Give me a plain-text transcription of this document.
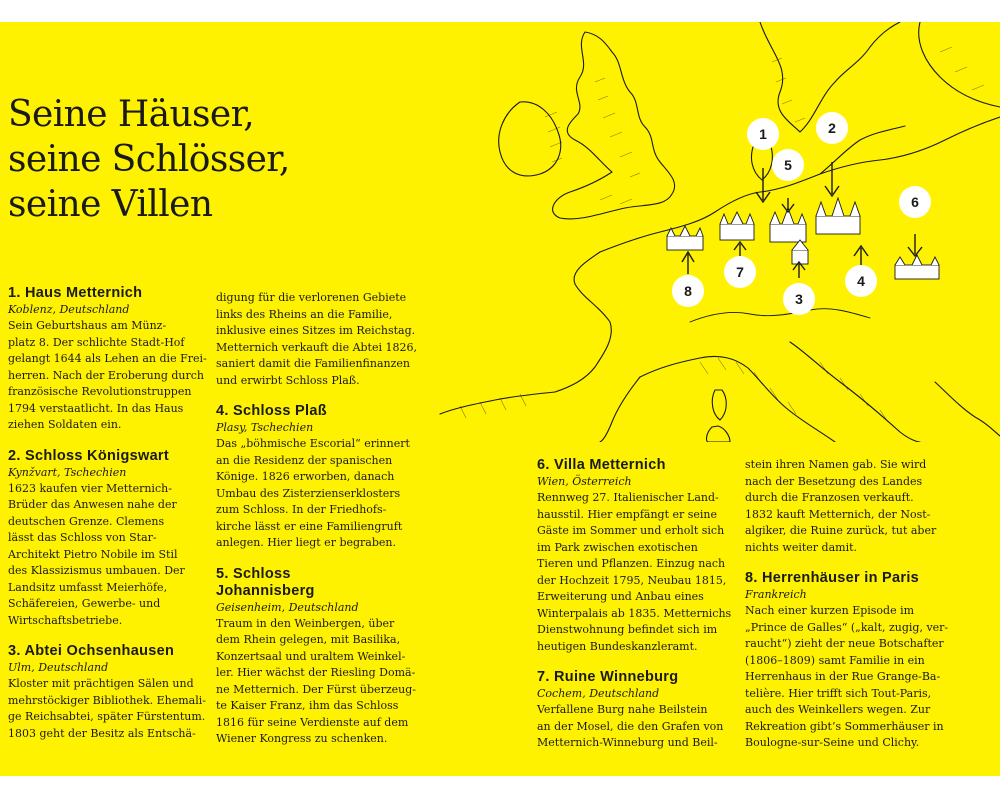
Seine Häuser,
seine Schlösser,
seine Villen
1	2
5
6
7
4
3
8
1. Haus Metternich
Koblenz, Deutschland

Sein Geburtshaus am Münz-

platz 8. Der schlichte Stadt-Hof

gelangt 1644 als Lehen an die Frei-

herren. Nach der Eroberung durch

französische Revolutionstruppen

1794 verstaatlicht. In das Haus

ziehen Soldaten ein.

2. Schloss Königswart
Kynžvart, Tschechien

1623 kaufen vier Metternich-

Brüder das Anwesen nahe der

deutschen Grenze. Clemens

lässt das Schloss von Star-

Architekt Pietro Nobile im Stil

des Klassizismus umbauen. Der

Landsitz umfasst Meierhöfe,

Schäfereien, Gewerbe- und

Wirtschaftsbetriebe.

3. Abtei Ochsenhausen
Ulm, Deutschland

Kloster mit prächtigen Sälen und

mehrstöckiger Bibliothek. Ehemali-

ge Reichsabtei, später Fürstentum.

1803 geht der Besitz als Entschä-

digung für die verlorenen Gebiete

links des Rheins an die Familie,

inklusive eines Sitzes im Reichstag.

Metternich verkauft die Abtei 1826,

saniert damit die Familienfinanzen

und erwirbt Schloss Plaß.

4. Schloss Plaß
Plasy, Tschechien

Das „böhmische Escorial“ erinnert

an die Residenz der spanischen

Könige. 1826 erworben, danach

Umbau des Zisterzienserklosters

zum Schloss. In der Friedhofs-

kirche lässt er eine Familiengruft

anlegen. Hier liegt er begraben.

5. Schloss
Johannisberg
Geisenheim, Deutschland

Traum in den Weinbergen, über

dem Rhein gelegen, mit Basilika,

Konzertsaal und uraltem Weinkel-

ler. Hier wächst der Riesling Domä-

ne Metternich. Der Fürst überzeug-

te Kaiser Franz, ihm das Schloss

1816 für seine Verdienste auf dem

Wiener Kongress zu schenken.

6. Villa Metternich
Wien, Österreich

Rennweg 27. Italienischer Land-

hausstil. Hier empfängt er seine

Gäste im Sommer und erholt sich

im Park zwischen exotischen

Tieren und Pflanzen. Einzug nach

der Hochzeit 1795, Neubau 1815,

Erweiterung und Anbau eines

Winterpalais ab 1835. Metternichs

Dienstwohnung befindet sich im

heutigen Bundeskanzleramt.

7. Ruine Winneburg
Cochem, Deutschland

Verfallene Burg nahe Beilstein

an der Mosel, die den Grafen von

Metternich-Winneburg und Beil-

stein ihren Namen gab. Sie wird

nach der Besetzung des Landes

durch die Franzosen verkauft.

1832 kauft Metternich, der Nost-

algiker, die Ruine zurück, tut aber

nichts weiter damit.

8. Herrenhäuser in Paris
Frankreich

Nach einer kurzen Episode im

„Prince de Galles“ („kalt, zugig, ver-

raucht“) zieht der neue Botschafter

(1806–1809) samt Familie in ein

Herrenhaus in der Rue Grange-Ba-

telière. Hier trifft sich Tout-Paris,

auch des Weinkellers wegen. Zur

Rekreation gibt’s Sommerhäuser in

Boulogne-sur-Seine und Clichy.
